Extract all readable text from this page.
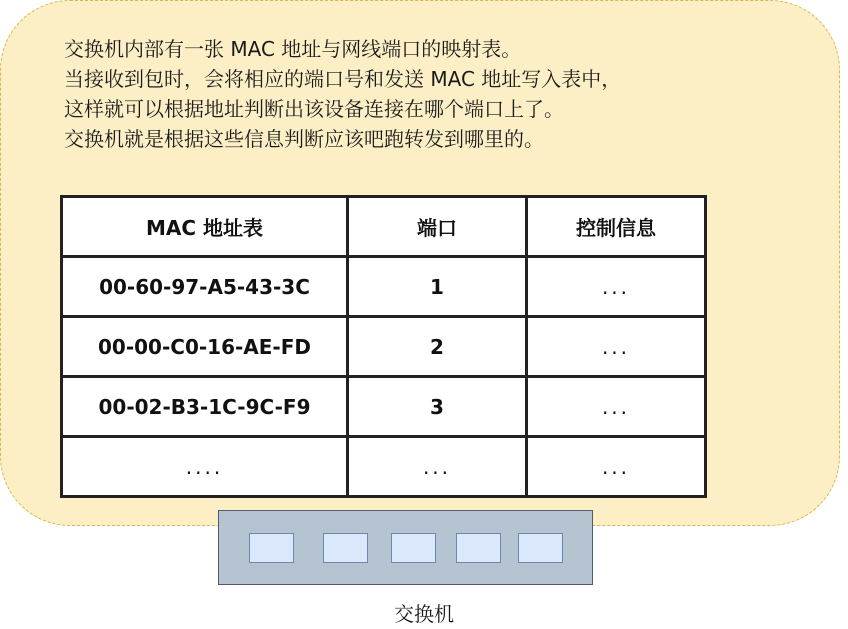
交换机内部有一张 MAC 地址与网线端口的映射表。
当接收到包时，会将相应的端口号和发送 MAC 地址写入表中，
这样就可以根据地址判断出该设备连接在哪个端口上了。
交换机就是根据这些信息判断应该吧跑转发到哪里的。
MAC 地址表	端口	控制信息
00-60-97-A5-43-3C	1	...
00-00-C0-16-AE-FD	2	...
00-02-B3-1C-9C-F9	3	...
....	...	...
交换机
